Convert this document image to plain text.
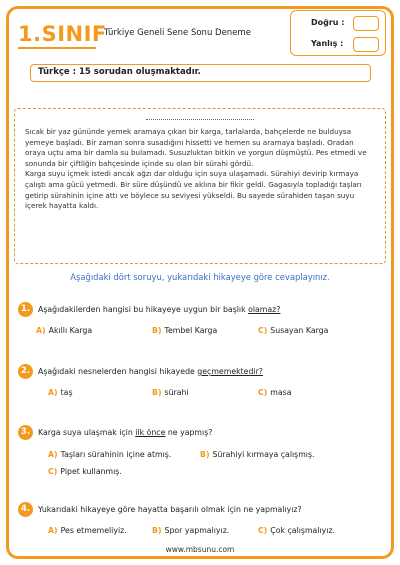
1.SINIF
Türkiye Geneli Sene Sonu Deneme
Doğru :
Yanlış :
Türkçe : 15 sorudan oluşmaktadır.

Sıcak bir yaz gününde yemek aramaya çıkan bir karga, tarlalarda, bahçelerde ne bulduysa yemeye başladı. Bir zaman sonra susadığını hissetti ve hemen su aramaya başladı. Oradan oraya uçtu ama bir damla su bulamadı. Susuzluktan bitkin ve yorgun düşmüştü. Pes etmedi ve sonunda bir çiftliğin bahçesinde içinde su olan bir sürahi gördü.

Karga suyu içmek istedi ancak ağzı dar olduğu için suya ulaşamadı. Sürahiyi devirip kırmaya çalıştı ama gücü yetmedi. Bir süre düşündü ve aklına bir fikir geldi. Gagasıyla topladığı taşları getirip sürahinin içine attı ve böylece su seviyesi yükseldi. Bu sayede sürahiden taşan suyu içerek hayatta kaldı.

Aşağıdaki dört soruyu, yukarıdaki hikayeye göre cevaplayınız.
1.	Aşağıdakilerden hangisi bu hikayeye uygun bir başlık olamaz?
A) Akıllı Karga	B) Tembel Karga	C) Susayan Karga
2.	Aşağıdaki nesnelerden hangisi hikayede geçmemektedir?
A) taş	B) sürahi	C) masa
3.	Karga suya ulaşmak için ilk önce ne yapmış?
A) Taşları sürahinin içine atmış.	B) Sürahiyi kırmaya çalışmış.
C) Pipet kullanmış.
4.	Yukarıdaki hikayeye göre hayatta başarılı olmak için ne yapmalıyız?
A) Pes etmemeliyiz.	B) Spor yapmalıyız.	C) Çok çalışmalıyız.
www.mbsunu.com
